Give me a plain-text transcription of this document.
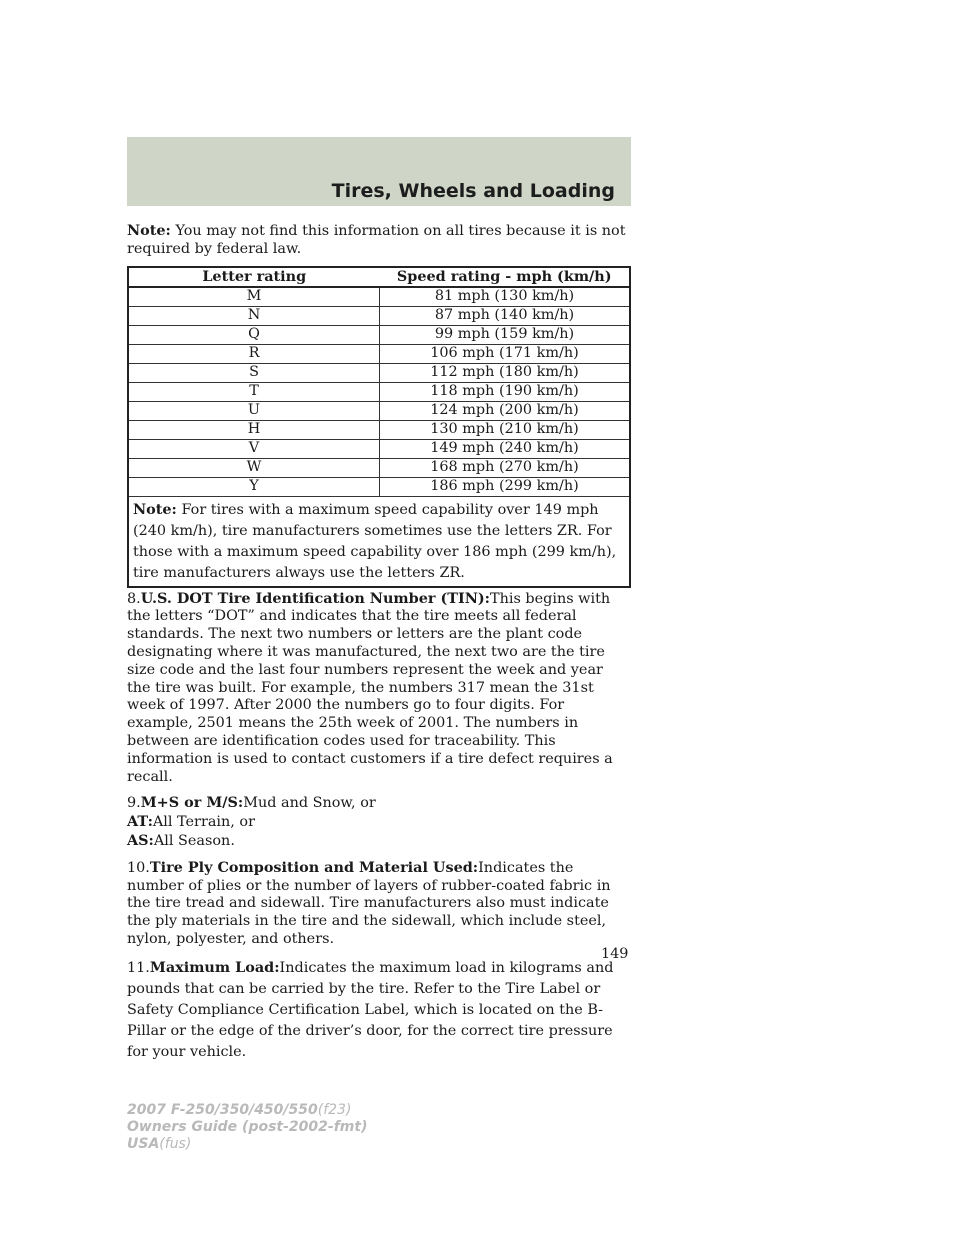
Tires, Wheels and Loading

Note: You may not find this information on all tires because it is not required by federal law.

Letter rating	Speed rating - mph (km/h)
M	81 mph (130 km/h)
N	87 mph (140 km/h)
Q	99 mph (159 km/h)
R	106 mph (171 km/h)
S	112 mph (180 km/h)
T	118 mph (190 km/h)
U	124 mph (200 km/h)
H	130 mph (210 km/h)
V	149 mph (240 km/h)
W	168 mph (270 km/h)
Y	186 mph (299 km/h)
Note: For tires with a maximum speed capability over 149 mph (240 km/h), tire manufacturers sometimes use the letters ZR. For those with a maximum speed capability over 186 mph (299 km/h), tire manufacturers always use the letters ZR.	

8.U.S. DOT Tire Identification Number (TIN):This begins with the letters “DOT” and indicates that the tire meets all federal standards. The next two numbers or letters are the plant code designating where it was manufactured, the next two are the tire size code and the last four numbers represent the week and year the tire was built. For example, the numbers 317 mean the 31st week of 1997. After 2000 the numbers go to four digits. For example, 2501 means the 25th week of 2001. The numbers in between are identification codes used for traceability. This information is used to contact customers if a tire defect requires a recall.

9.M+S or M/S:Mud and Snow, or

AT:All Terrain, or

AS:All Season.

10.Tire Ply Composition and Material Used:Indicates the number of plies or the number of layers of rubber-coated fabric in the tire tread and sidewall. Tire manufacturers also must indicate the ply materials in the tire and the sidewall, which include steel, nylon, polyester, and others.

11.Maximum Load:Indicates the maximum load in kilograms and pounds that can be carried by the tire. Refer to the Tire Label or Safety Compliance Certification Label, which is located on the B-Pillar or the edge of the driver’s door, for the correct tire pressure for your vehicle.

149
2007 F-250/350/450/550(f23)
Owners Guide (post-2002-fmt)
USA(fus)
